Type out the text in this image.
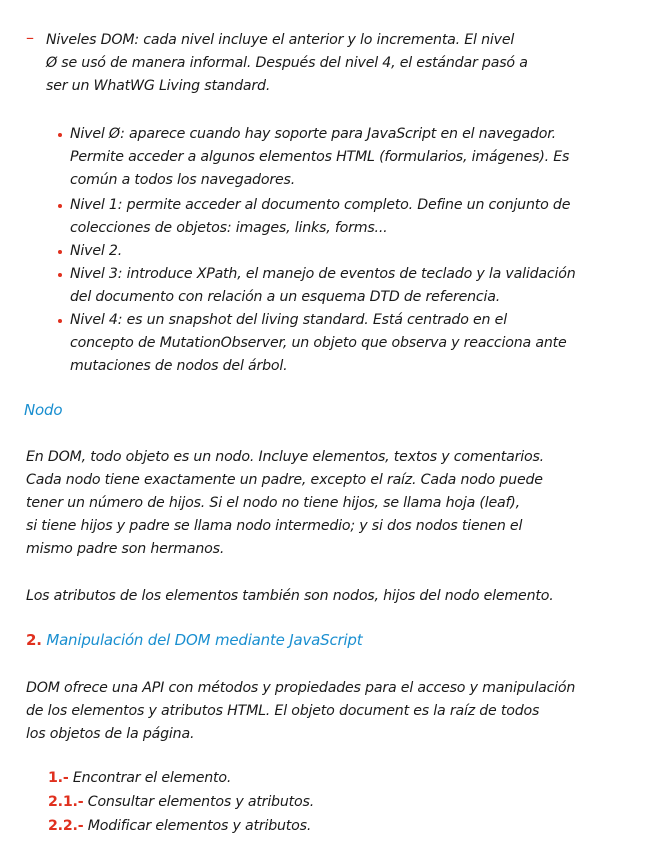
– Niveles DOM: cada nivel incluye el anterior y lo incrementa. El nivel
Ø se usó de manera informal. Después del nivel 4, el estándar pasó a
ser un WhatWG Living standard.
Nivel Ø: aparece cuando hay soporte para JavaScript en el navegador.
Permite acceder a algunos elementos HTML (formularios, imágenes). Es
común a todos los navegadores.
Nivel 1: permite acceder al documento completo. Define un conjunto de
colecciones de objetos: images, links, forms...
Nivel 2.
Nivel 3: introduce XPath, el manejo de eventos de teclado y la validación
del documento con relación a un esquema DTD de referencia.
Nivel 4: es un snapshot del living standard. Está centrado en el
concepto de MutationObserver, un objeto que observa y reacciona ante
mutaciones de nodos del árbol.
Nodo
En DOM, todo objeto es un nodo. Incluye elementos, textos y comentarios.
Cada nodo tiene exactamente un padre, excepto el raíz. Cada nodo puede
tener un número de hijos. Si el nodo no tiene hijos, se llama hoja (leaf),
si tiene hijos y padre se llama nodo intermedio; y si dos nodos tienen el
mismo padre son hermanos.
Los atributos de los elementos también son nodos, hijos del nodo elemento.
2. Manipulación del DOM mediante JavaScript
DOM ofrece una API con métodos y propiedades para el acceso y manipulación
de los elementos y atributos HTML. El objeto document es la raíz de todos
los objetos de la página.
1.- Encontrar el elemento.
2.1.- Consultar elementos y atributos.
2.2.- Modificar elementos y atributos.
